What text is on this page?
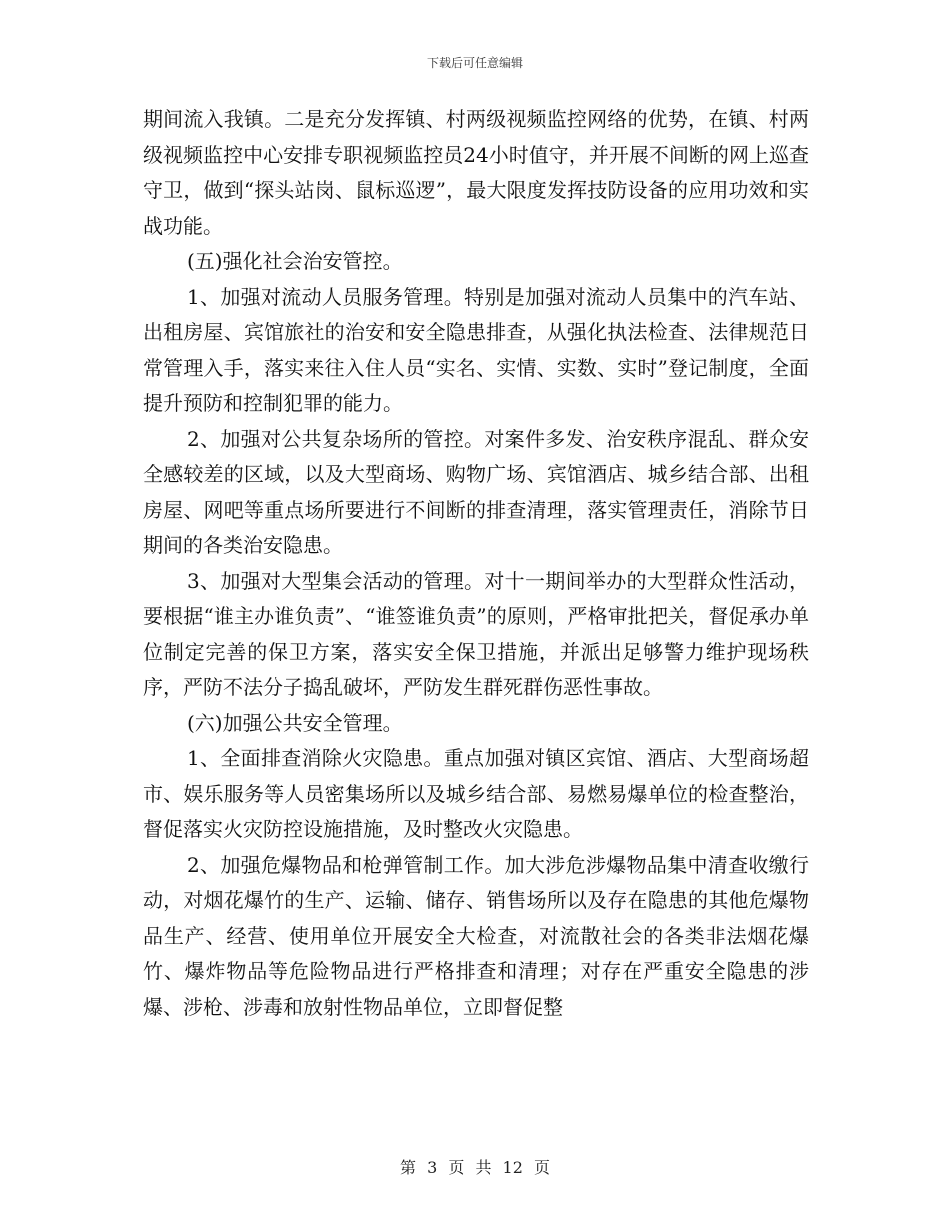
下载后可任意编辑

期间流入我镇。二是充分发挥镇、村两级视频监控网络的优势，在镇、村两级视频监控中心安排专职视频监控员24小时值守，并开展不间断的网上巡查守卫，做到“探头站岗、鼠标巡逻”，最大限度发挥技防设备的应用功效和实战功能。

(五)强化社会治安管控。

1、加强对流动人员服务管理。特别是加强对流动人员集中的汽车站、出租房屋、宾馆旅社的治安和安全隐患排查，从强化执法检查、法律规范日常管理入手，落实来往入住人员“实名、实情、实数、实时”登记制度，全面提升预防和控制犯罪的能力。

2、加强对公共复杂场所的管控。对案件多发、治安秩序混乱、群众安全感较差的区域，以及大型商场、购物广场、宾馆酒店、城乡结合部、出租房屋、网吧等重点场所要进行不间断的排查清理，落实管理责任，消除节日期间的各类治安隐患。

3、加强对大型集会活动的管理。对十一期间举办的大型群众性活动，要根据“谁主办谁负责”、“谁签谁负责”的原则，严格审批把关，督促承办单位制定完善的保卫方案，落实安全保卫措施，并派出足够警力维护现场秩序，严防不法分子捣乱破坏，严防发生群死群伤恶性事故。

(六)加强公共安全管理。

1、全面排查消除火灾隐患。重点加强对镇区宾馆、酒店、大型商场超市、娱乐服务等人员密集场所以及城乡结合部、易燃易爆单位的检查整治，督促落实火灾防控设施措施，及时整改火灾隐患。

2、加强危爆物品和枪弹管制工作。加大涉危涉爆物品集中清查收缴行动，对烟花爆竹的生产、运输、储存、销售场所以及存在隐患的其他危爆物品生产、经营、使用单位开展安全大检查，对流散社会的各类非法烟花爆竹、爆炸物品等危险物品进行严格排查和清理；对存在严重安全隐患的涉爆、涉枪、涉毒和放射性物品单位，立即督促整

第 3 页 共 12 页
